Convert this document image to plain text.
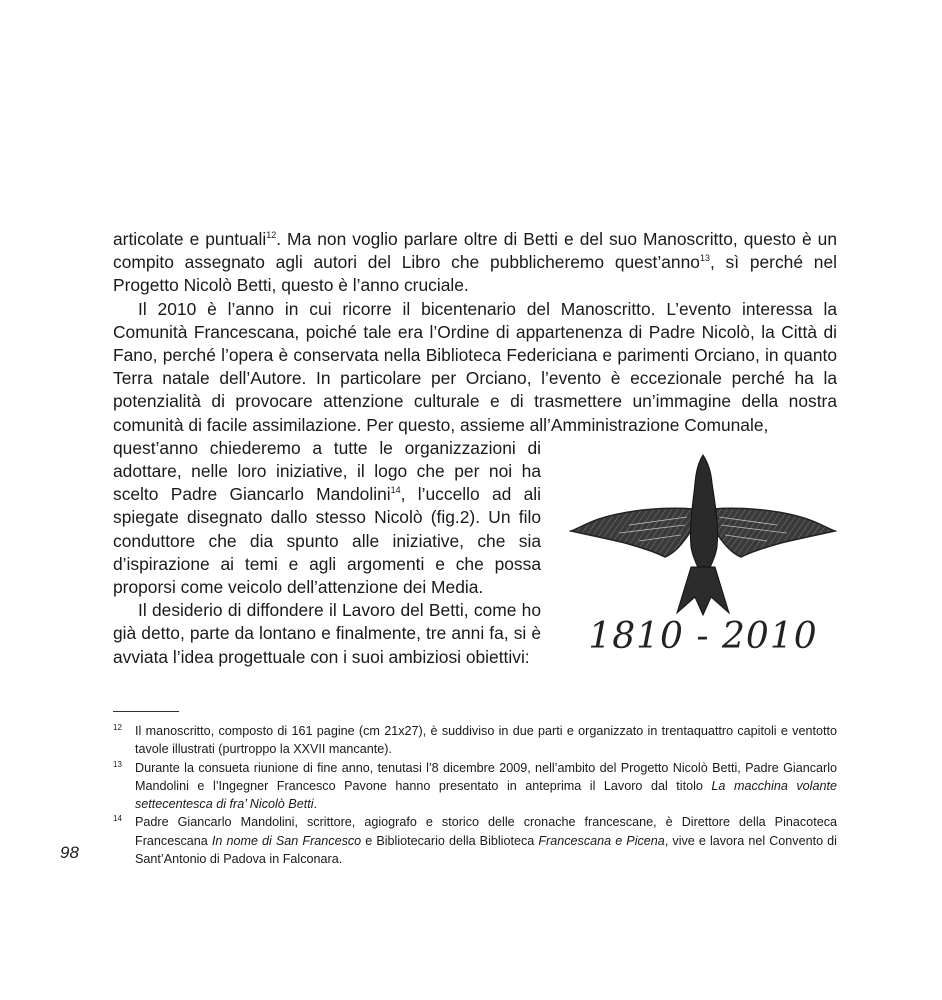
articolate e puntuali$^{12}$. Ma non voglio parlare oltre di Betti e del suo Manoscritto, questo è un compito assegnato agli autori del Libro che pubblicheremo quest’anno$^{13}$, sì perché nel Progetto Nicolò Betti, questo è l’anno cruciale.

Il 2010 è l’anno in cui ricorre il bicentenario del Manoscritto. L’evento interessa la Comunità Francescana, poiché tale era l’Ordine di appartenenza di Padre Nicolò, la Città di Fano, perché l’opera è conservata nella Biblioteca Federiciana e parimenti Orciano, in quanto Terra natale dell’Autore. In particolare per Orciano, l’evento è eccezionale perché ha la potenzialità di provocare attenzione culturale e di trasmettere un’immagine della nostra comunità di facile assimilazione. Per questo, assieme all’Amministrazione Comunale,

quest’anno chiederemo a tutte le organizzazioni di adottare, nelle loro iniziative, il logo che per noi ha scelto Padre Giancarlo Mandolini$^{14}$, l’uccello ad ali spiegate disegnato dallo stesso Nicolò (fig.2). Un filo conduttore che dia spunto alle iniziative, che sia d’ispirazione ai temi e agli argomenti e che possa proporsi come veicolo dell’attenzione dei Media.

Il desiderio di diffondere il Lavoro del Betti, come ho già detto, parte da lontano e finalmente, tre anni fa, si è avviata l’idea progettuale con i suoi ambiziosi obiettivi:	1810 - 2010
12 Il manoscritto, composto di 161 pagine (cm 21x27), è suddiviso in due parti e organizzato in trentaquattro capitoli e ventotto tavole illustrati (purtroppo la XXVII mancante).
13 Durante la consueta riunione di fine anno, tenutasi l’8 dicembre 2009, nell’ambito del Progetto Nicolò Betti, Padre Giancarlo Mandolini e l’Ingegner Francesco Pavone hanno presentato in anteprima il Lavoro dal titolo La macchina volante settecentesca di fra’ Nicolò Betti.
14 Padre Giancarlo Mandolini, scrittore, agiografo e storico delle cronache francescane, è Direttore della Pinacoteca Francescana In nome di San Francesco e Bibliotecario della Biblioteca Francescana e Picena, vive e lavora nel Convento di Sant’Antonio di Padova in Falconara.
98
